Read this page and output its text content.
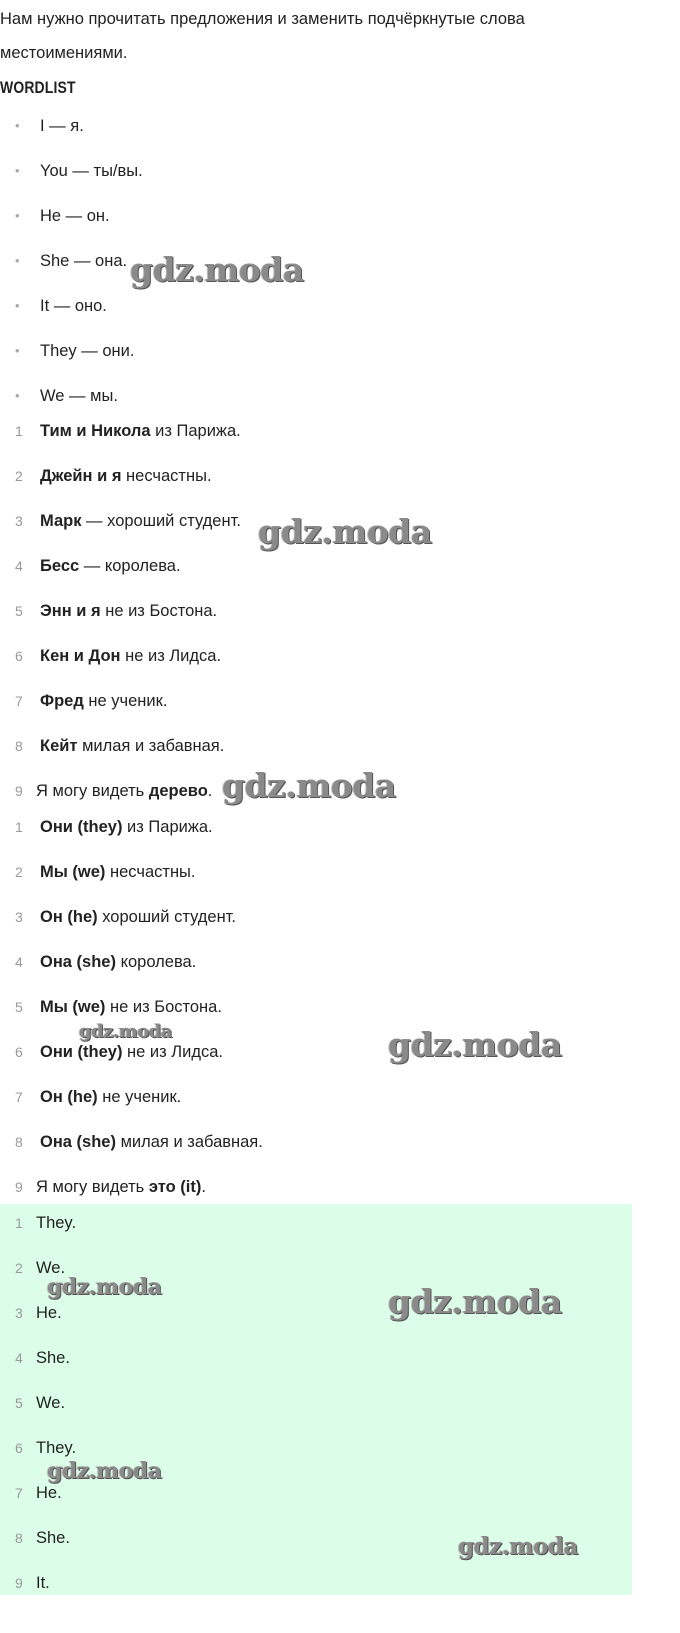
Нам нужно прочитать предложения и заменить подчёркнутые слова местоимениями.

WORDLIST
• I — я.
• You — ты/вы.
• He — он.
• She — она.
• It — оно.
• They — они.
• We — мы.
1 Тим и Никола из Парижа.
2 Джейн и я несчастны.
3 Марк — хороший студент.
4 Бесс — королева.
5 Энн и я не из Бостона.
6 Кен и Дон не из Лидса.
7 Фред не ученик.
8 Кейт милая и забавная.
9 Я могу видеть дерево.
1 Они (they) из Парижа.
2 Мы (we) несчастны.
3 Он (he) хороший студент.
4 Она (she) королева.
5 Мы (we) не из Бостона.
6 Они (they) не из Лидса.
7 Он (he) не ученик.
8 Она (she) милая и забавная.
9 Я могу видеть это (it).
1 They.
2 We.
3 He.
4 She.
5 We.
6 They.
7 He.
8 She.
9 It.
gdz.moda
gdz.moda
gdz.moda
gdz.moda	gdz.moda
gdz.moda	gdz.moda
gdz.moda
gdz.moda
